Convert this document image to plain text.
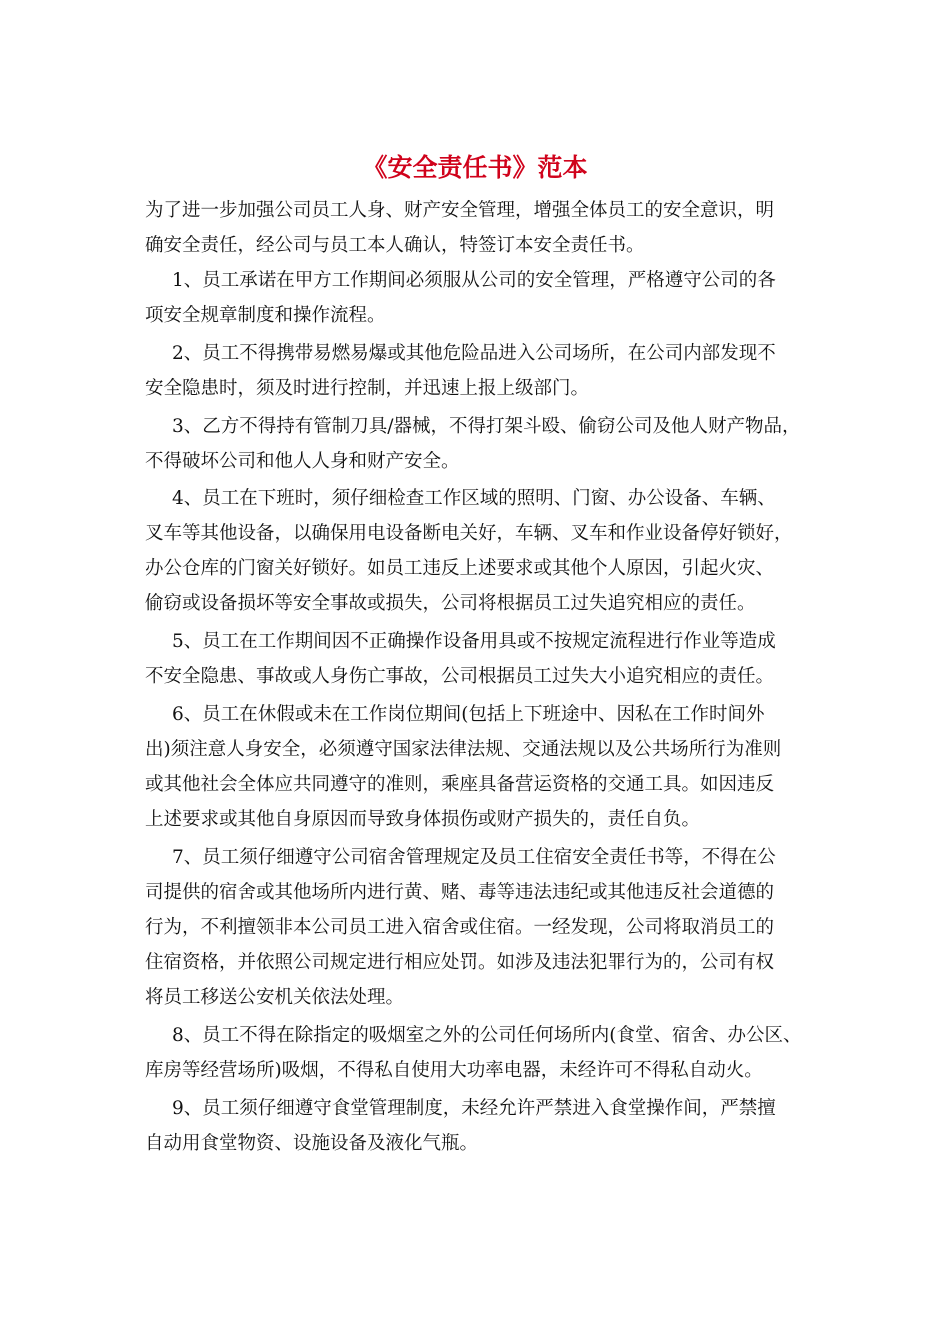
《安全责任书》范本
为了进一步加强公司员工人身、财产安全管理，增强全体员工的安全意识，明
确安全责任，经公司与员工本人确认，特签订本安全责任书。
1、员工承诺在甲方工作期间必须服从公司的安全管理，严格遵守公司的各
项安全规章制度和操作流程。
2、员工不得携带易燃易爆或其他危险品进入公司场所，在公司内部发现不
安全隐患时，须及时进行控制，并迅速上报上级部门。
3、乙方不得持有管制刀具/器械，不得打架斗殴、偷窃公司及他人财产物品，
不得破坏公司和他人人身和财产安全。
4、员工在下班时，须仔细检查工作区域的照明、门窗、办公设备、车辆、
叉车等其他设备，以确保用电设备断电关好，车辆、叉车和作业设备停好锁好，
办公仓库的门窗关好锁好。如员工违反上述要求或其他个人原因，引起火灾、
偷窃或设备损坏等安全事故或损失，公司将根据员工过失追究相应的责任。
5、员工在工作期间因不正确操作设备用具或不按规定流程进行作业等造成
不安全隐患、事故或人身伤亡事故，公司根据员工过失大小追究相应的责任。
6、员工在休假或未在工作岗位期间(包括上下班途中、因私在工作时间外
出)须注意人身安全，必须遵守国家法律法规、交通法规以及公共场所行为准则
或其他社会全体应共同遵守的准则，乘座具备营运资格的交通工具。如因违反
上述要求或其他自身原因而导致身体损伤或财产损失的，责任自负。
7、员工须仔细遵守公司宿舍管理规定及员工住宿安全责任书等，不得在公
司提供的宿舍或其他场所内进行黄、赌、毒等违法违纪或其他违反社会道德的
行为，不利擅领非本公司员工进入宿舍或住宿。一经发现，公司将取消员工的
住宿资格，并依照公司规定进行相应处罚。如涉及违法犯罪行为的，公司有权
将员工移送公安机关依法处理。
8、员工不得在除指定的吸烟室之外的公司任何场所内(食堂、宿舍、办公区、
库房等经营场所)吸烟，不得私自使用大功率电器，未经许可不得私自动火。
9、员工须仔细遵守食堂管理制度，未经允许严禁进入食堂操作间，严禁擅
自动用食堂物资、设施设备及液化气瓶。
